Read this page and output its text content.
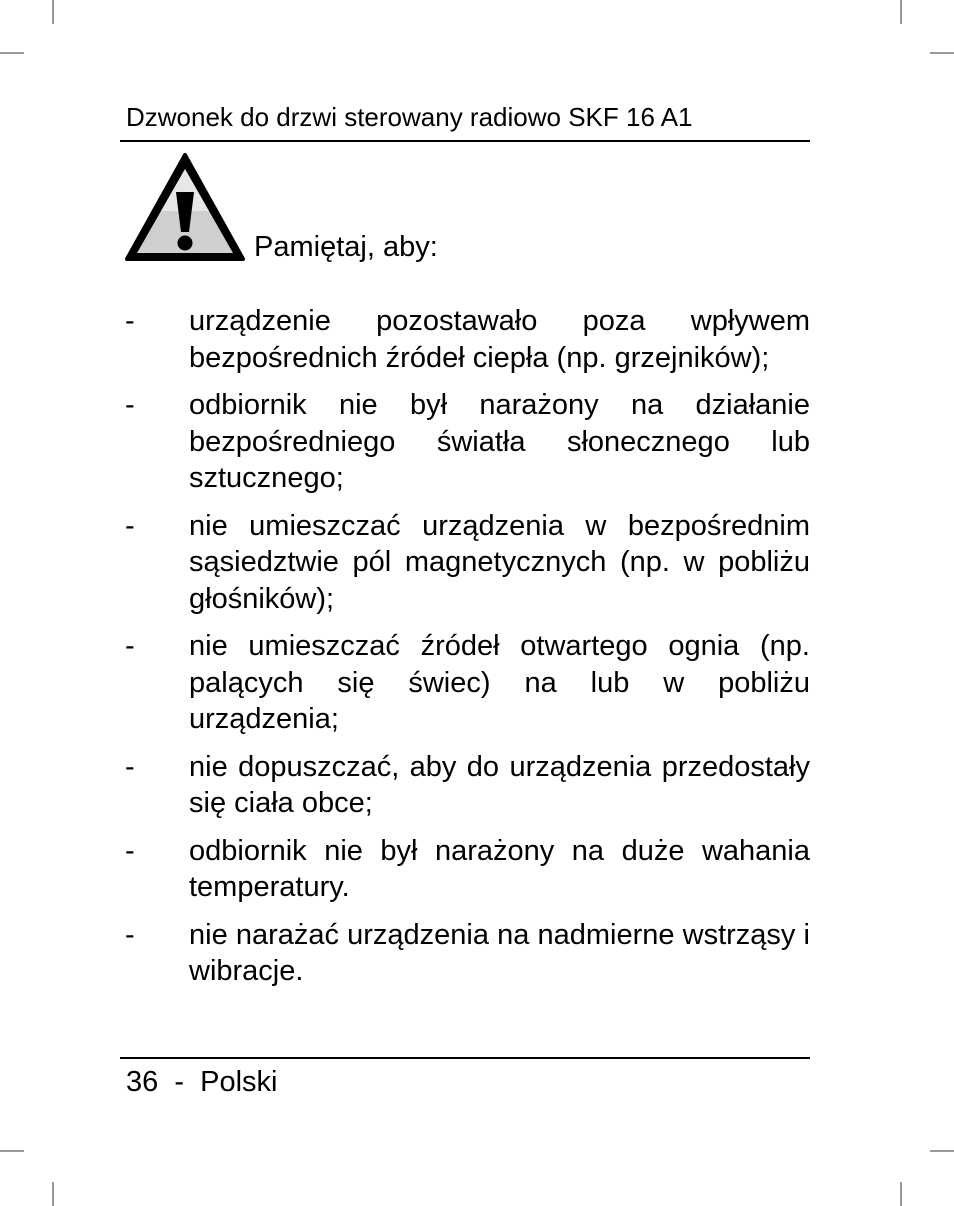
Dzwonek do drzwi sterowany radiowo SKF 16 A1
Pamiętaj, aby:
- urządzenie pozostawało poza wpływem bezpośrednich źródeł ciepła (np. grzejników);
- odbiornik nie był narażony na działanie bezpośredniego światła słonecznego lub sztucznego;
- nie umieszczać urządzenia w bezpośrednim sąsiedztwie pól magnetycznych (np. w pobliżu głośników);
- nie umieszczać źródeł otwartego ognia (np. palących się świec) na lub w pobliżu urządzenia;
- nie dopuszczać, aby do urządzenia przedostały się ciała obce;
- odbiornik nie był narażony na duże wahania temperatury.
- nie narażać urządzenia na nadmierne wstrząsy i wibracje.
36  -  Polski
